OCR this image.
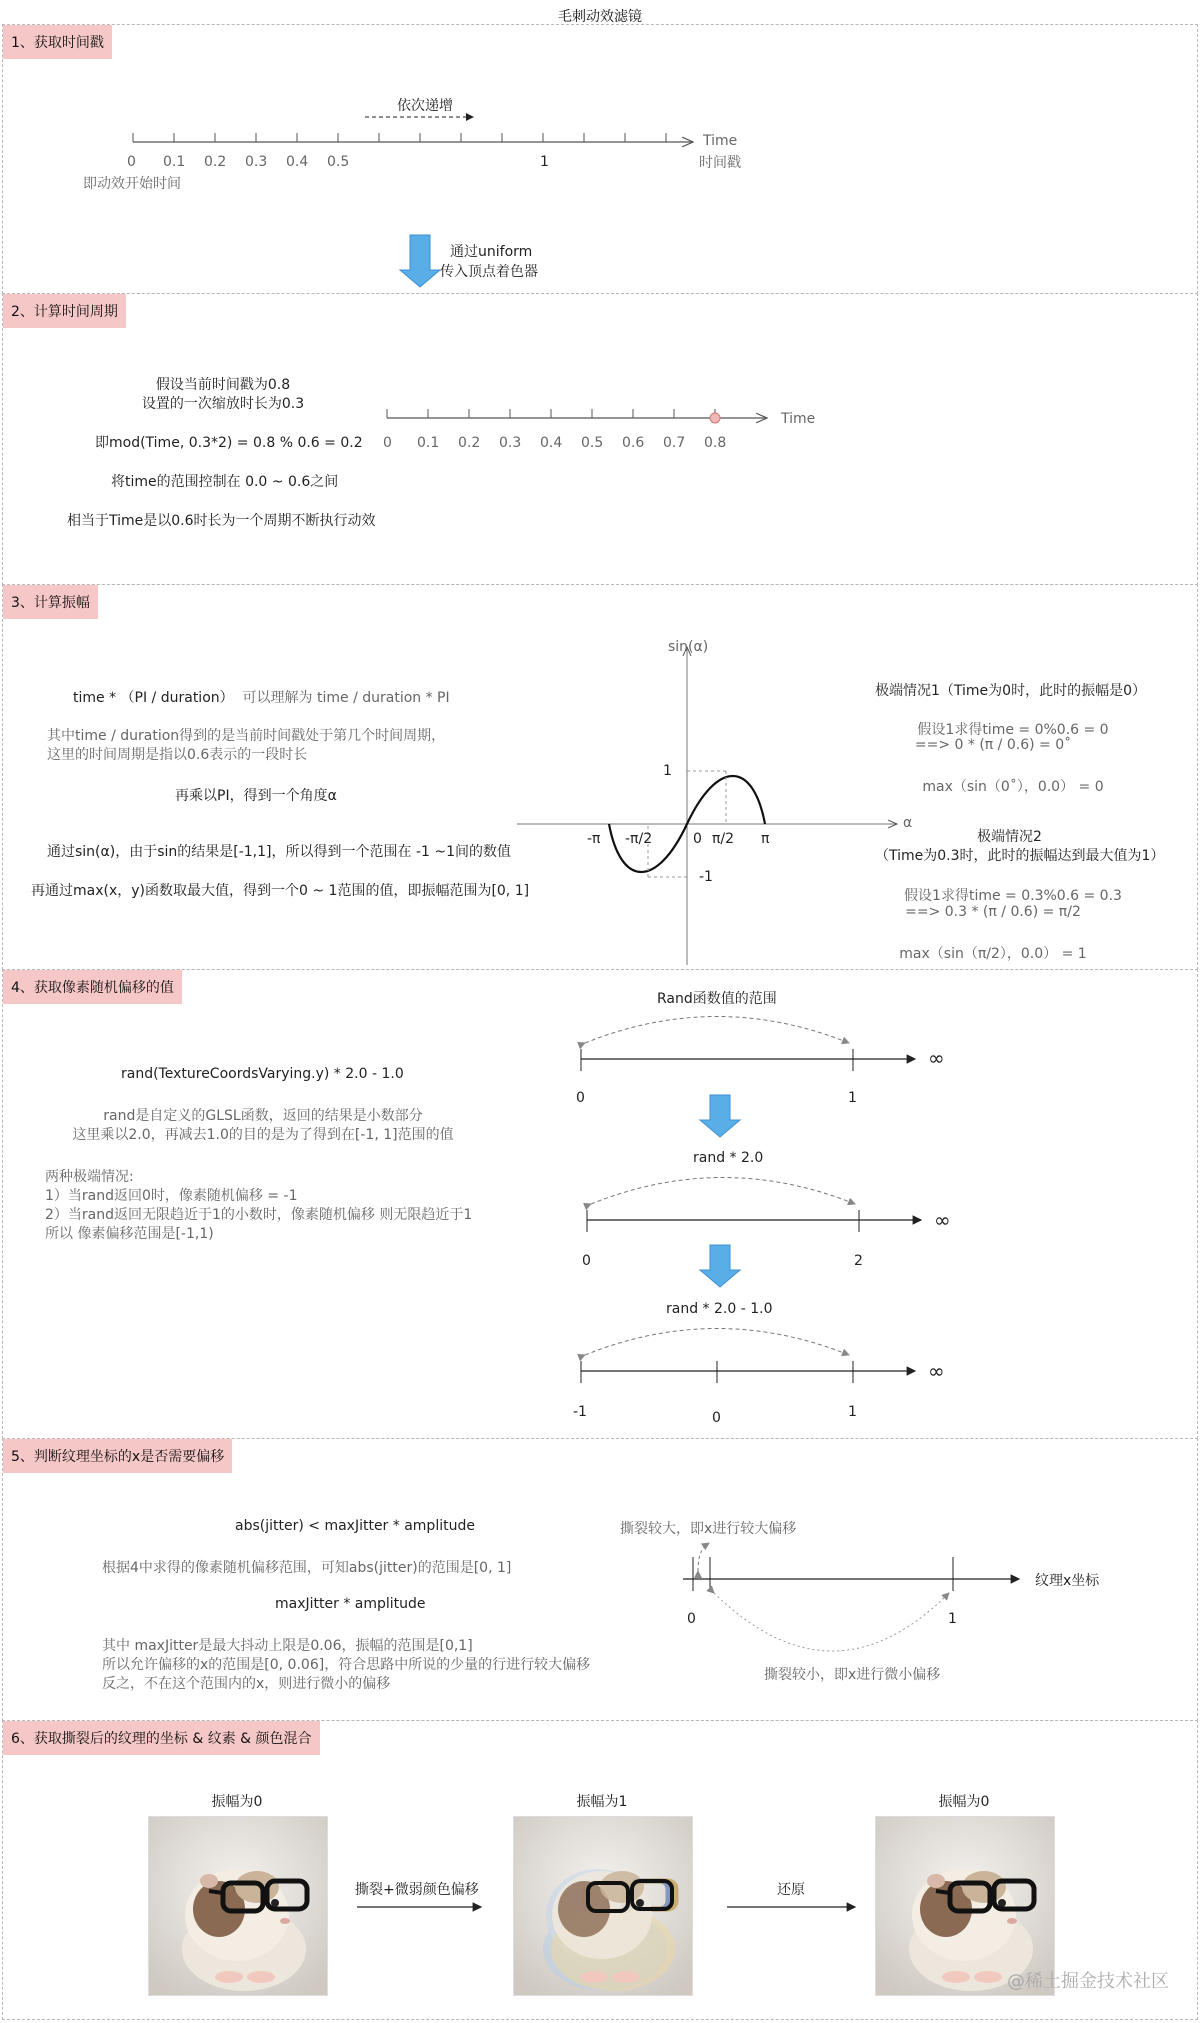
毛刺动效滤镜
1、获取时间戳
依次递增
0 0.1 0.2 0.3 0.4 0.5	1
Time
时间戳
即动效开始时间
通过uniform
传入顶点着色器
2、计算时间周期
假设当前时间戳为0.8
设置的一次缩放时长为0.3
即mod(Time, 0.3*2) = 0.8 % 0.6 = 0.2
将time的范围控制在 0.0 ~ 0.6之间
相当于Time是以0.6时长为一个周期不断执行动效
0 0.1 0.2 0.3 0.4 0.5 0.6 0.7 0.8
Time
3、计算振幅
time * （PI / duration） 可以理解为 time / duration * PI
其中time / duration得到的是当前时间戳处于第几个时间周期，
这里的时间周期是指以0.6表示的一段时长
再乘以PI，得到一个角度α
通过sin(α)，由于sin的结果是[-1,1]，所以得到一个范围在 -1 ~1间的数值
再通过max(x，y)函数取最大值，得到一个0 ~ 1范围的值，即振幅范围为[0, 1]
sin(α)
α
1
-1
-π -π/2	0 π/2 π
极端情况1（Time为0时，此时的振幅是0）
假设1求得time = 0%0.6 = 0
==> 0 * (π / 0.6) = 0˚
max（sin（0˚），0.0） = 0
极端情况2
（Time为0.3时，此时的振幅达到最大值为1）
假设1求得time = 0.3%0.6 = 0.3
==> 0.3 * (π / 0.6) = π/2
max（sin（π/2），0.0） = 1
4、获取像素随机偏移的值
rand(TextureCoordsVarying.y) * 2.0 - 1.0
rand是自定义的GLSL函数，返回的结果是小数部分
这里乘以2.0，再减去1.0的目的是为了得到在[-1, 1]范围的值
两种极端情况:
1）当rand返回0时，像素随机偏移 = -1
2）当rand返回无限趋近于1的小数时，像素随机偏移 则无限趋近于1
所以 像素偏移范围是[-1,1)
Rand函数值的范围
0	1
∞
rand * 2.0
0	2
∞
rand * 2.0 - 1.0
-1	0	1
∞
5、判断纹理坐标的x是否需要偏移
abs(jitter) < maxJitter * amplitude
根据4中求得的像素随机偏移范围，可知abs(jitter)的范围是[0, 1]
maxJitter * amplitude
其中 maxJitter是最大抖动上限是0.06，振幅的范围是[0,1]
所以允许偏移的x的范围是[0, 0.06]，符合思路中所说的少量的行进行较大偏移
反之，不在这个范围内的x，则进行微小的偏移
撕裂较大，即x进行较大偏移
撕裂较小，即x进行微小偏移
纹理x坐标
0	1
6、获取撕裂后的纹理的坐标 & 纹素 & 颜色混合
振幅为0	振幅为1	振幅为0
撕裂+微弱颜色偏移	还原
@稀土掘金技术社区
